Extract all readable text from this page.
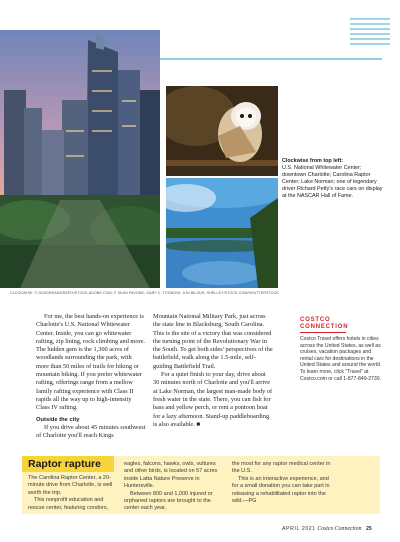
Clockwise from top left:
U.S. National Whitewater Center; downtown Charlotte; Carolina Raptor Center; Lake Norman; one of legendary driver Richard Petty's race cars on display at the NASCAR Hall of Fame.
CLOCKWISE: © DIGIDREAMGRAFIX/STOCK.ADOBE.COM; © SEAN PAVONE; GARY C. TOGNONI; JON BILOUS; SHELLEY/STOCK.COM/SHUTTERSTOCK

For me, the best hands-on experience is Charlotte's U.S. National Whitewater Center. Inside, you can go whitewater rafting, zip lining, rock climbing and more. The hidden gem is the 1,300 acres of woodlands surrounding the park, with more than 50 miles of trails for hiking or mountain biking. If you prefer whitewater rafting, offerings range from a mellow family rafting experience with Class II rapids all the way up to high-intensity Class IV rafting.

Outside the city

If you drive about 45 minutes southwest of Charlotte you'll reach Kings

Mountain National Military Park, just across the state line in Blacksburg, South Carolina. This is the site of a victory that was considered the turning point of the Revolutionary War in the South. To get both sides' perspectives of the battlefield, walk along the 1.5-mile, self-guiding Battlefield Trail.

For a quiet finish to your day, drive about 30 minutes north of Charlotte and you'll arrive at Lake Norman, the largest man-made body of fresh water in the state. There, you can fish for bass and yellow perch, or rent a pontoon boat for a lazy afternoon. Stand-up paddleboarding is also available. ■

COSTCO
CONNECTION
Costco Travel offers hotels in cities across the United States, as well as cruises, vacation packages and rental cars for destinations in the United States and around the world. To learn more, click "Travel" at Costco.com or call 1-877-849-2730.
Raptor rapture

The Carolina Raptor Center, a 20-minute drive from Charlotte, is well worth the trip.

This nonprofit education and rescue center, featuring condors,

eagles, falcons, hawks, owls, vultures and other birds, is located on 57 acres inside Latta Nature Preserve in Huntersville.

Between 800 and 1,000 injured or orphaned raptors are brought to the center each year,

the most for any raptor medical center in the U.S.

This is an interactive experience, and for a small donation you can take part in releasing a rehabilitated raptor into the wild.—PG

APRIL 2021 Costco Connection 25
